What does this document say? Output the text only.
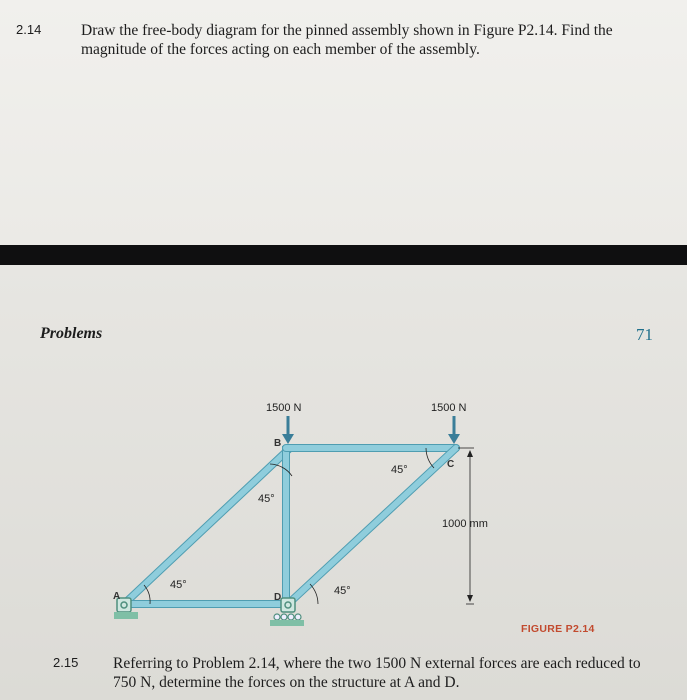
2.14	Draw the free-body diagram for the pinned assembly shown in Figure P2.14. Find the
magnitude of the forces acting on each member of the assembly.
Problems	71
1500 N	1500 N
B
C
A	D
45°
45°
45°
45°
1000 mm
FIGURE P2.14
2.15 Referring to Problem 2.14, where the two 1500 N external forces are each reduced to
750 N, determine the forces on the structure at A and D.
